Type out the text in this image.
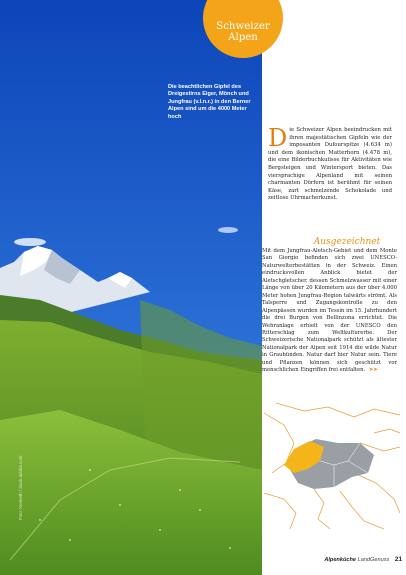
Schweizer Alpen
Die beachtlichen Gipfel des Dreigestirns Eiger, Mönch und Jungfrau (v.l.n.r.) in den Berner Alpen sind um die 4000 Meter hoch
Foto: Kenneth / stock.adobe.com
Die Schweizer Alpen beeindrucken mit ihren majestätischen Gipfeln wie der imposanten Dufourspitze (4.634 m) und dem ikonischen Matterhorn (4.478 m), die eine Bilderbuchkulisse für Aktivitäten wie Bergsteigen und Wintersport bieten. Das viersprachige Alpenland mit seinen charmanten Dörfern ist berühmt für seinen Käse, zart schmelzende Schokolade und zeitlose Uhrmacherkunst.
Ausgezeichnet
Mit dem Jungfrau-Aletsch-Gebiet und dem Monte San Giorgio befinden sich zwei UNESCO-Naturwelterbestätten in der Schweiz. Einen eindrucksvollen Anblick bietet der Aletschgletscher, dessen Schmelzwasser mit einer Länge von über 20 Kilometern aus der über 4.000 Meter hohen Jungfrau-Region talwärts strömt. Als Talsperre und Zugangskontrolle zu den Alpenpässen wurden im Tessin im 15. Jahrhundert die drei Burgen von Bellinzona errichtet. Die Wehranlage erhielt von der UNESCO den Ritterschlag zum Weltkulturerbe. Der Schweizerische Nationalpark schützt als ältester Nationalpark der Alpen seit 1914 die wilde Natur in Graubünden. Natur darf hier Natur sein. Tiere und Pflanzen können sich geschützt vor menschlichen Eingriffen frei entfalten. ➤➤
Alpenküche LandGenuss 21
